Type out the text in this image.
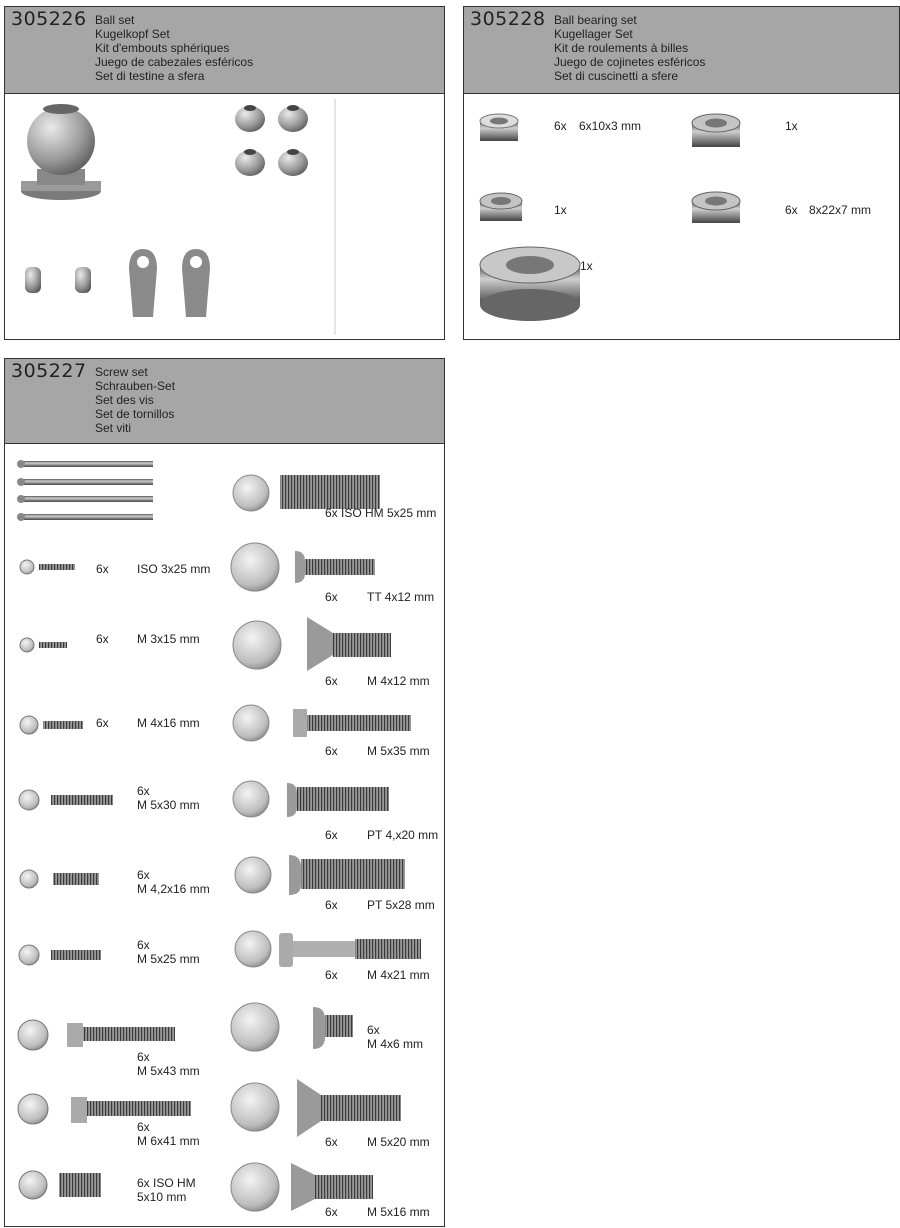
305226 Ball set
Kugelkopf Set
Kit d'embouts sphériques
Juego de cabezales esféricos
Set di testine a sfera
305228 Ball bearing set
Kugellager Set
Kit de roulements à billes
Juego de cojinetes esféricos
Set di cuscinetti a sfere
6x 6x10x3 mm	1x
1x	6x 8x22x7 mm
1x
305227 Screw set
Schrauben-Set
Set des vis
Set de tornillos
Set viti
6x ISO 3x25 mm
6x M 3x15 mm
6x M 4x16 mm
6x
M 5x30 mm
6x
M 4,2x16 mm
6x
M 5x25 mm
6x
M 5x43 mm
6x
M 6x41 mm
6x ISO HM
5x10 mm
6x ISO HM 5x25 mm
6x TT 4x12 mm
6x M 4x12 mm
6x M 5x35 mm
6x PT 4,x20 mm
6x PT 5x28 mm
6x M 4x21 mm
6x
M 4x6 mm
6x M 5x20 mm
6x M 5x16 mm
